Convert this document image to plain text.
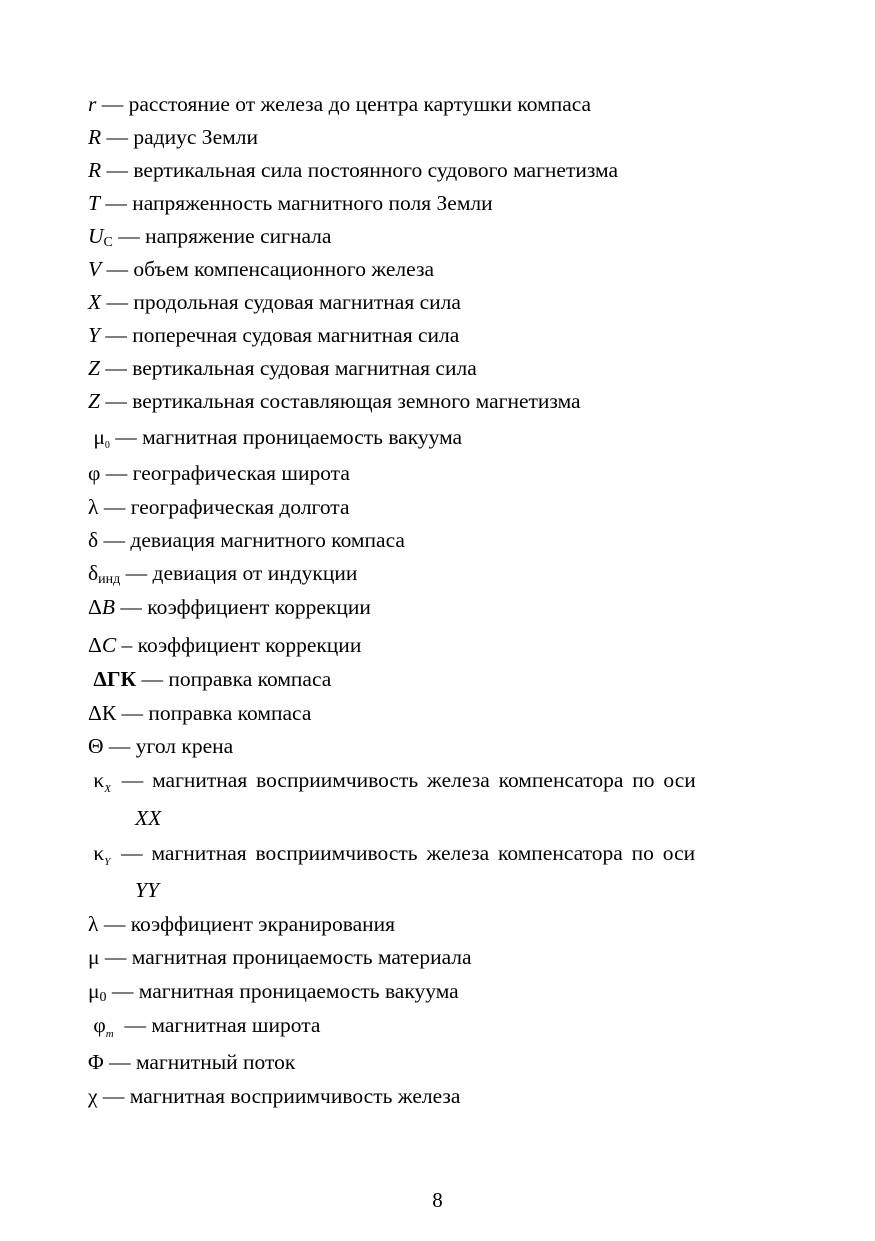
r — расстояние от железа до центра картушки компаса
R — радиус Земли
R — вертикальная сила постоянного судового магнетизма
T — напряженность магнитного поля Земли
$U_С$ — напряжение сигнала
V — объем компенсационного железа
X — продольная судовая магнитная сила
Y — поперечная судовая магнитная сила
Z — вертикальная судовая магнитная сила
Z — вертикальная составляющая земного магнетизма
μ0 — магнитная проницаемость вакуума
φ — географическая широта
λ — географическая долгота
δ — девиация магнитного компаса
$\delta_{инд}$ — девиация от индукции
ΔB — коэффициент коррекции
ΔC – коэффициент коррекции
ΔГК — поправка компаса
ΔК — поправка компаса
Θ — угол крена
$\kappa_X$ — магнитная восприимчивость железа компенсатора по оси
XX
$\kappa_Y$ — магнитная восприимчивость железа компенсатора по оси
YY
λ — коэффициент экранирования
μ — магнитная проницаемость материала
$\mu_0$ — магнитная проницаемость вакуума
$\varphi_m$ — магнитная широта
Φ — магнитный поток
χ — магнитная восприимчивость железа
8
